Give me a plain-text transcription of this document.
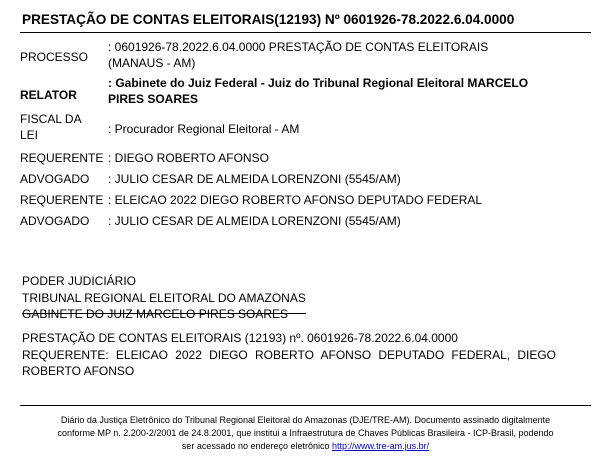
PRESTAÇÃO DE CONTAS ELEITORAIS(12193) Nº 0601926-78.2022.6.04.0000
PROCESSO	: 0601926-78.2022.6.04.0000 PRESTAÇÃO DE CONTAS ELEITORAIS
(MANAUS - AM)

RELATOR	: Gabinete do Juiz Federal - Juiz do Tribunal Regional Eleitoral MARCELO
PIRES SOARES

FISCAL DA
LEI	: Procurador Regional Eleitoral - AM
REQUERENTE	: DIEGO ROBERTO AFONSO
ADVOGADO	: JULIO CESAR DE ALMEIDA LORENZONI (5545/AM)
REQUERENTE	: ELEICAO 2022 DIEGO ROBERTO AFONSO DEPUTADO FEDERAL
ADVOGADO	: JULIO CESAR DE ALMEIDA LORENZONI (5545/AM)
PODER JUDICIÁRIO
TRIBUNAL REGIONAL ELEITORAL DO AMAZONAS
GABINETE DO JUIZ MARCELO PIRES SOARES
PRESTAÇÃO DE CONTAS ELEITORAIS (12193) nº. 0601926-78.2022.6.04.0000
REQUERENTE: ELEICAO 2022 DIEGO ROBERTO AFONSO DEPUTADO FEDERAL, DIEGO ROBERTO AFONSO
Diário da Justiça Eletrônico do Tribunal Regional Eleitoral do Amazonas (DJE/TRE-AM). Documento assinado digitalmente
conforme MP n. 2.200-2/2001 de 24.8.2001, que institui a Infraestrutura de Chaves Públicas Brasileira - ICP-Brasil, podendo
ser acessado no endereço eletrônico http://www.tre-am.jus.br/
